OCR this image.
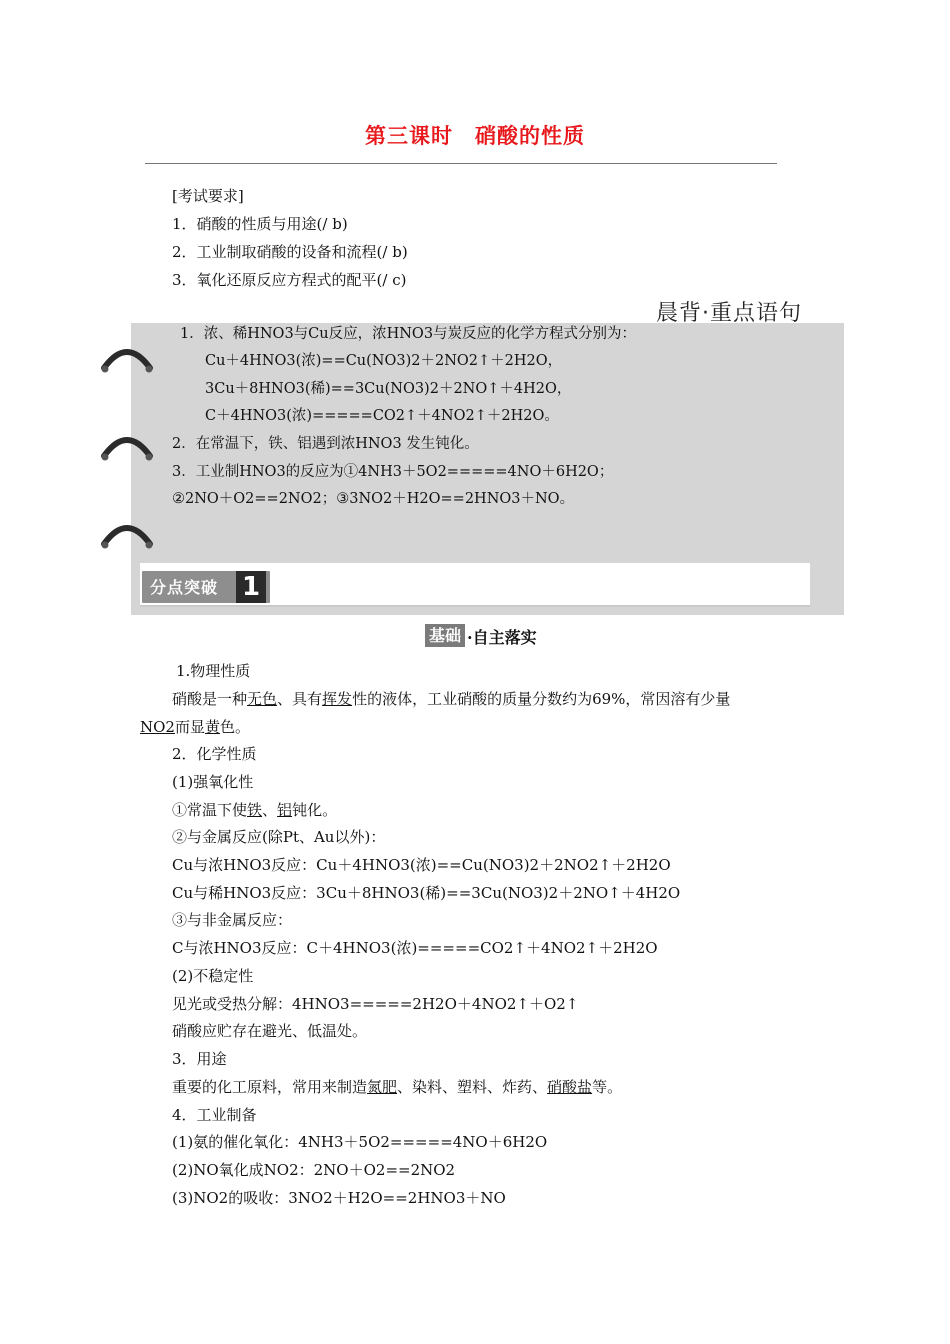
第三课时　硝酸的性质
[考试要求]
1．硝酸的性质与用途(/ b)
2．工业制取硝酸的设备和流程(/ b)
3．氧化还原反应方程式的配平(/ c)
晨背·重点语句
1．浓、稀HNO3与Cu反应，浓HNO3与炭反应的化学方程式分别为：
Cu＋4HNO3(浓)==Cu(NO3)2＋2NO2↑＋2H2O，
3Cu＋8HNO3(稀)==3Cu(NO3)2＋2NO↑＋4H2O，
C＋4HNO3(浓)=====CO2↑＋4NO2↑＋2H2O。
2．在常温下，铁、铝遇到浓HNO3 发生钝化。
3．工业制HNO3的反应为①4NH3＋5O2=====4NO＋6H2O；
②2NO＋O2==2NO2；③3NO2＋H2O==2HNO3＋NO。
分点突破 1
基础 ·自主落实
1.物理性质
硝酸是一种无色、具有挥发性的液体，工业硝酸的质量分数约为69%，常因溶有少量
NO2而显黄色。
2．化学性质
(1)强氧化性
①常温下使铁、铝钝化。
②与金属反应(除Pt、Au以外)：
Cu与浓HNO3反应：Cu＋4HNO3(浓)==Cu(NO3)2＋2NO2↑＋2H2O
Cu与稀HNO3反应：3Cu＋8HNO3(稀)==3Cu(NO3)2＋2NO↑＋4H2O
③与非金属反应：
C与浓HNO3反应：C＋4HNO3(浓)=====CO2↑＋4NO2↑＋2H2O
(2)不稳定性
见光或受热分解：4HNO3=====2H2O＋4NO2↑＋O2↑
硝酸应贮存在避光、低温处。
3．用途
重要的化工原料，常用来制造氮肥、染料、塑料、炸药、硝酸盐等。
4．工业制备
(1)氨的催化氧化：4NH3＋5O2=====4NO＋6H2O
(2)NO氧化成NO2：2NO＋O2==2NO2
(3)NO2的吸收：3NO2＋H2O==2HNO3＋NO
